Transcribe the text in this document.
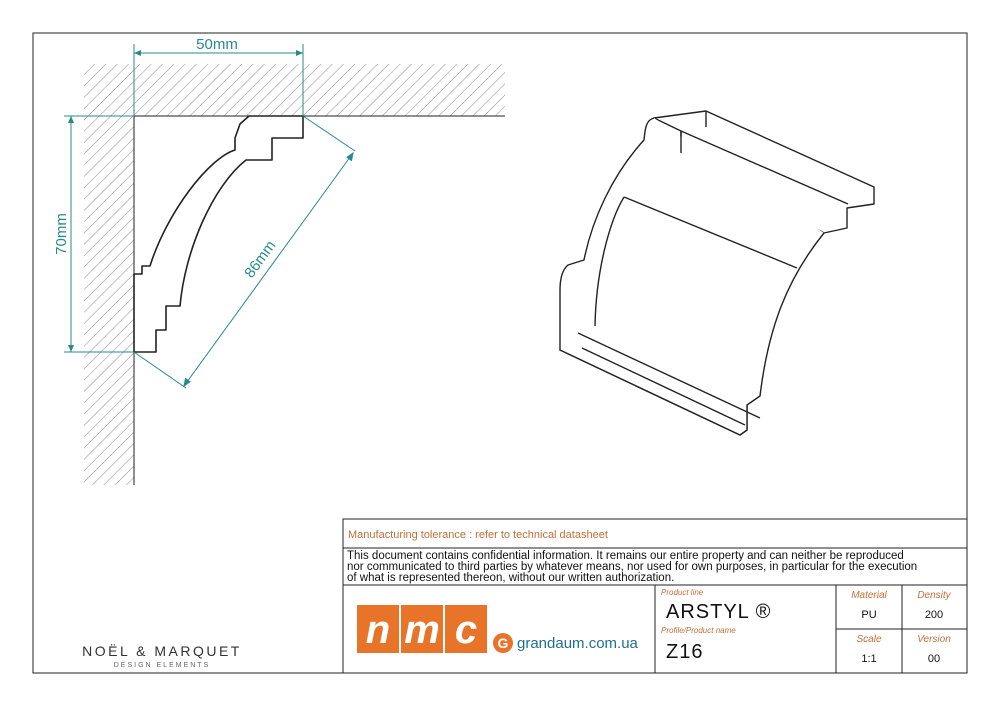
50mm
70mm
86mm
NOËL & MARQUET
DESIGN ELEMENTS
Manufacturing tolerance : refer to technical datasheet
This document contains confidential information. It remains our entire property and can neither be reproduced
nor communicated to third parties by whatever means, nor used for own purposes, in particular for the execution
of what is represented thereon, without our written authorization.
n m c G grandaum.com.ua
Product line
ARSTYL ®
Profile/Product name
Z16
Material
PU
Density
200
Scale
1:1
Version
00
